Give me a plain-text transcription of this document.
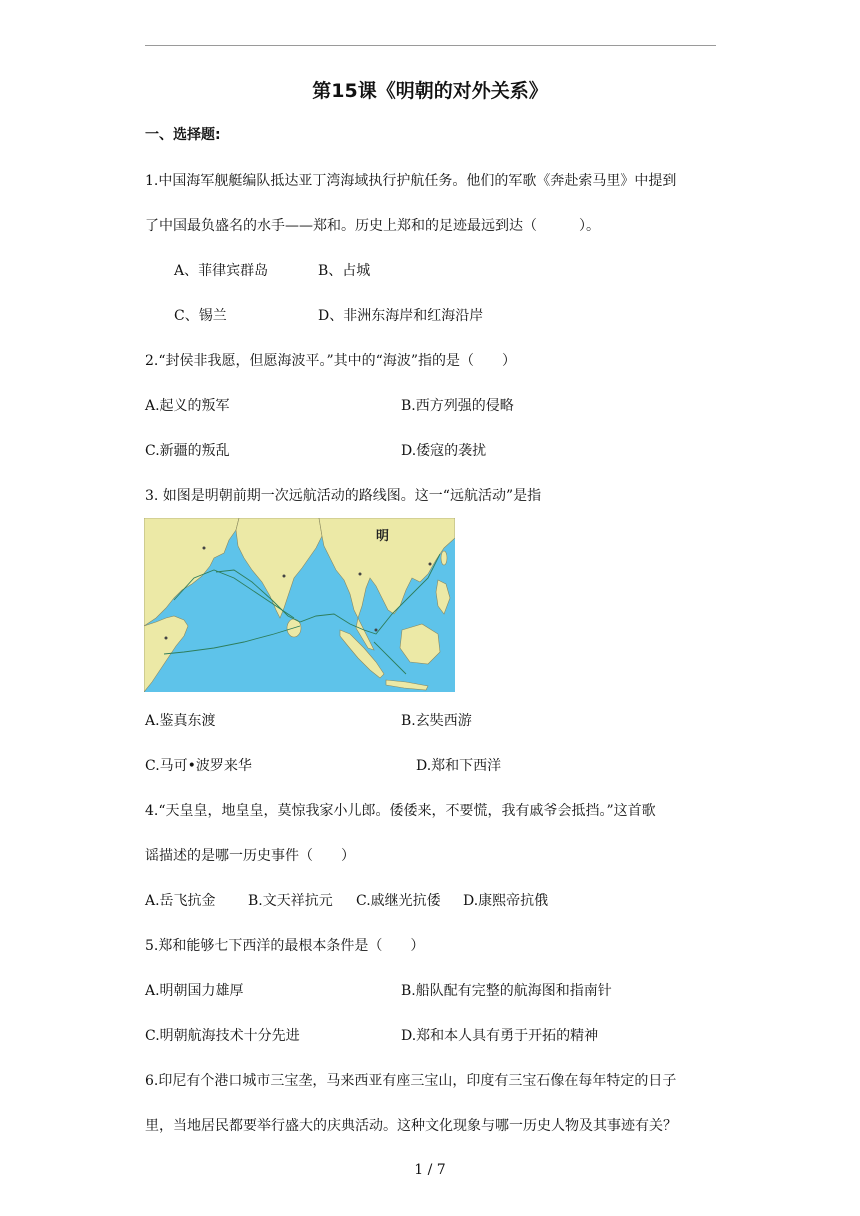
第15课《明朝的对外关系》
一、选择题:
1.中国海军舰艇编队抵达亚丁湾海域执行护航任务。他们的军歌《奔赴索马里》中提到
了中国最负盛名的水手——郑和。历史上郑和的足迹最远到达（　　　）。
A、菲律宾群岛	B、占城
C、锡兰	D、非洲东海岸和红海沿岸
2.“封侯非我愿，但愿海波平。”其中的“海波”指的是（　　）
A.起义的叛军	B.西方列强的侵略
C.新疆的叛乱	D.倭寇的袭扰
3. 如图是明朝前期一次远航活动的路线图。这一“远航活动”是指
明
A.鉴真东渡	B.玄奘西游
C.马可•波罗来华	D.郑和下西洋
4.“天皇皇，地皇皇，莫惊我家小儿郎。倭倭来，不要慌，我有戚爷会抵挡。”这首歌
谣描述的是哪一历史事件（　　）
A.岳飞抗金 B.文天祥抗元 C.戚继光抗倭 D.康熙帝抗俄
5.郑和能够七下西洋的最根本条件是（　　）
A.明朝国力雄厚	B.船队配有完整的航海图和指南针
C.明朝航海技术十分先进	D.郑和本人具有勇于开拓的精神
6.印尼有个港口城市三宝垄，马来西亚有座三宝山，印度有三宝石像在每年特定的日子
里，当地居民都要举行盛大的庆典活动。这种文化现象与哪一历史人物及其事迹有关？
1 / 7
